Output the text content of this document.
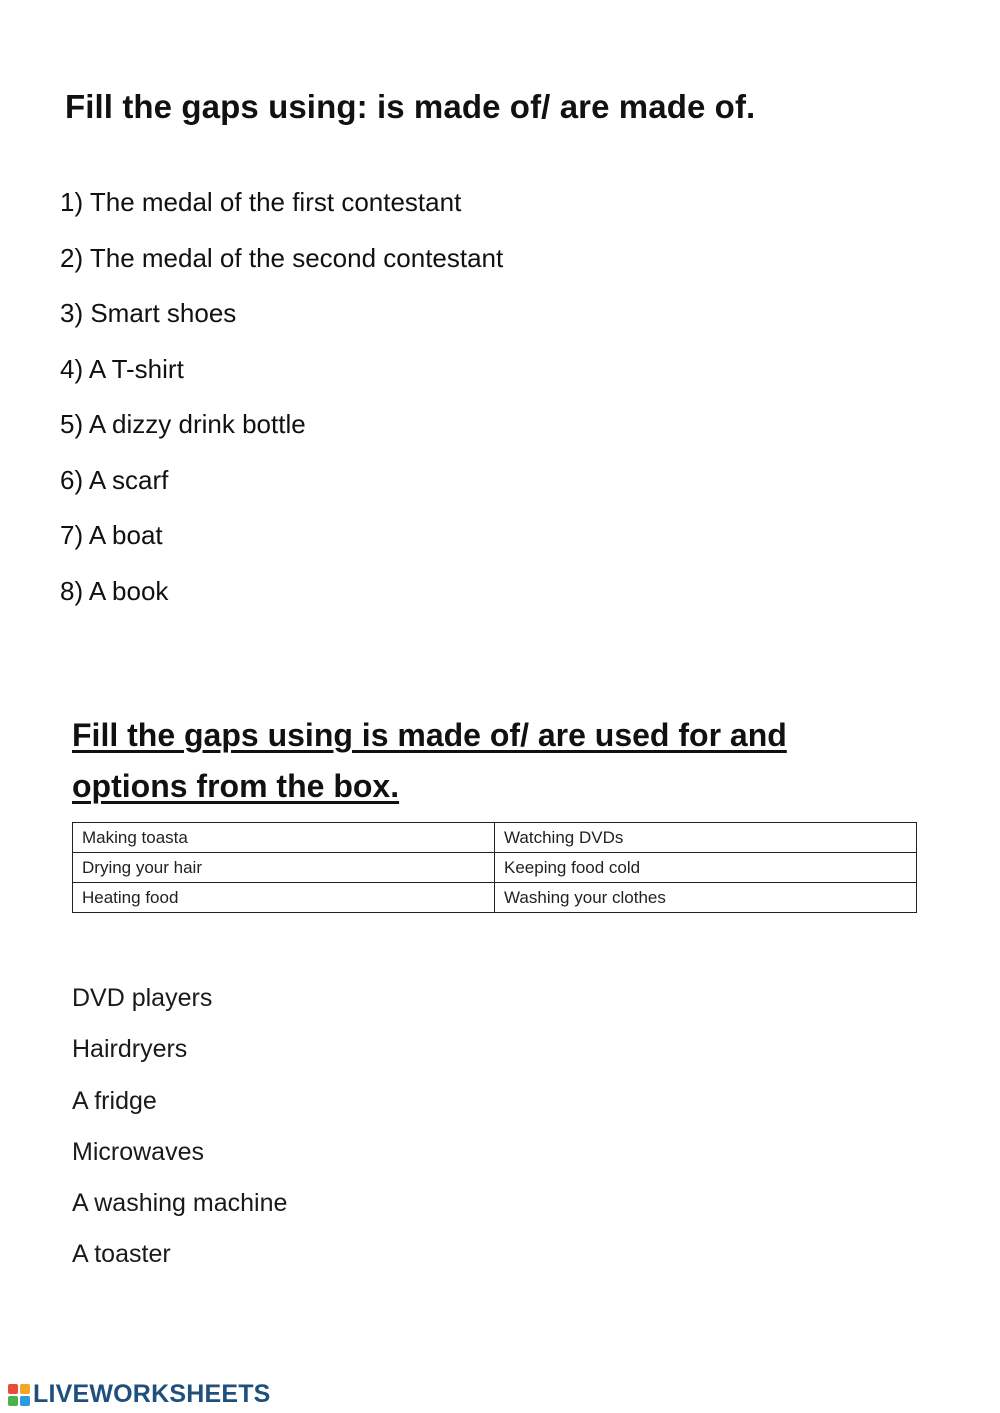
Fill the gaps using: is made of/ are made of.
1) The medal of the first contestant
2) The medal of the second contestant
3) Smart shoes
4) A T-shirt
5) A dizzy drink bottle
6) A scarf
7) A boat
8) A book
Fill the gaps using is made of/ are used for and
options from the box.
Making toasta	Watching DVDs
Drying your hair	Keeping food cold
Heating food	Washing your clothes
DVD players
Hairdryers
A fridge
Microwaves
A washing machine
A toaster
LIVEWORKSHEETS
